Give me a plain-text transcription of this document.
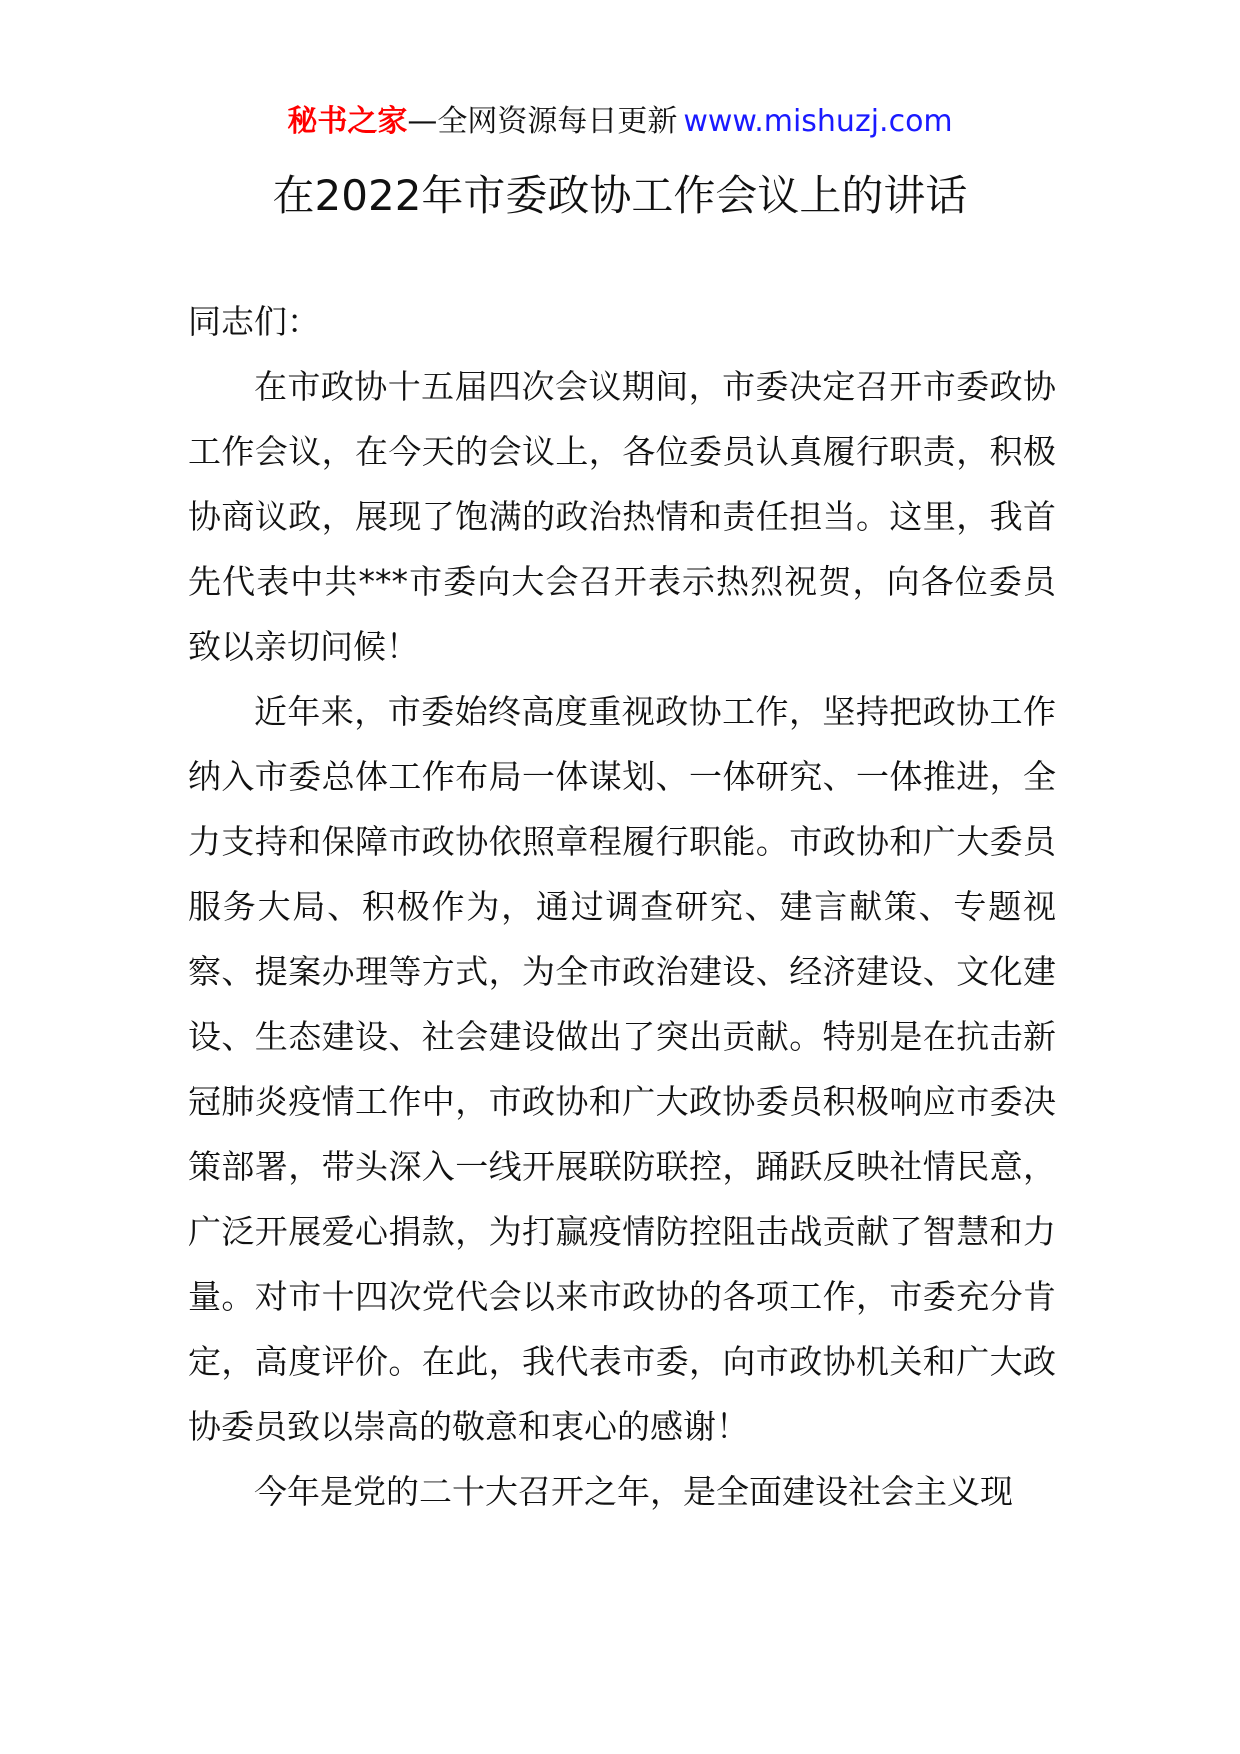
秘书之家—全网资源每日更新 www.mishuzj.com
在2022年市委政协工作会议上的讲话

同志们：

在市政协十五届四次会议期间，市委决定召开市委政协工作会议，在今天的会议上，各位委员认真履行职责，积极协商议政，展现了饱满的政治热情和责任担当。这里，我首先代表中共***市委向大会召开表示热烈祝贺，向各位委员致以亲切问候！

近年来，市委始终高度重视政协工作，坚持把政协工作纳入市委总体工作布局一体谋划、一体研究、一体推进，全力支持和保障市政协依照章程履行职能。市政协和广大委员服务大局、积极作为，通过调查研究、建言献策、专题视察、提案办理等方式，为全市政治建设、经济建设、文化建设、生态建设、社会建设做出了突出贡献。特别是在抗击新冠肺炎疫情工作中，市政协和广大政协委员积极响应市委决策部署，带头深入一线开展联防联控，踊跃反映社情民意，广泛开展爱心捐款，为打赢疫情防控阻击战贡献了智慧和力量。对市十四次党代会以来市政协的各项工作，市委充分肯定，高度评价。在此，我代表市委，向市政协机关和广大政协委员致以崇高的敬意和衷心的感谢！

今年是党的二十大召开之年，是全面建设社会主义现
